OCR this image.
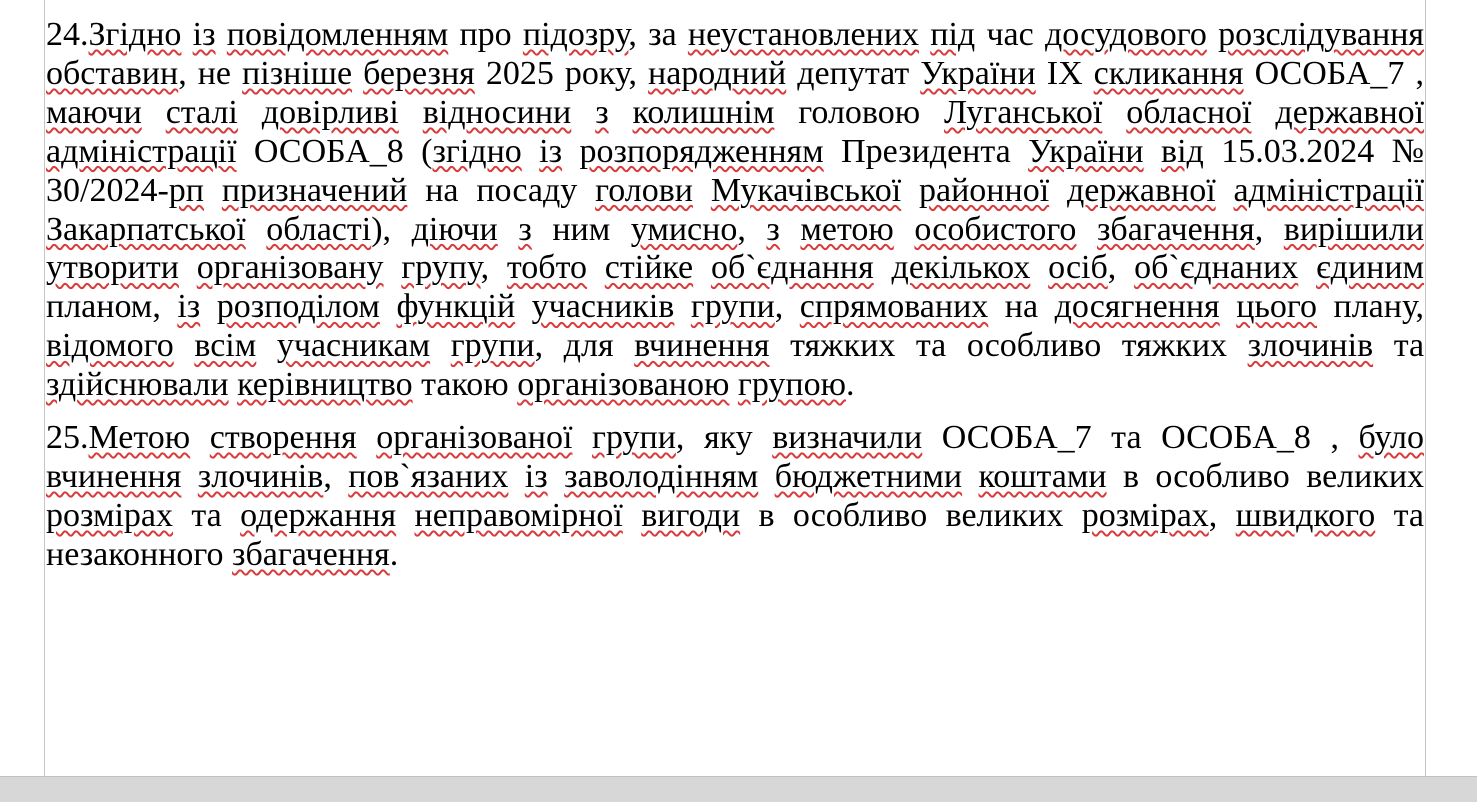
24.Згідно із повідомленням про підозру, за неустановлених під час досудового розслідування обставин, не пізніше березня 2025 року, народний депутат України ІХ скликання ОСОБА_7 , маючи сталі довірливі відносини з колишнім головою Луганської обласної державної адміністрації ОСОБА_8 (згідно із розпорядженням Президента України від 15.03.2024 № 30/2024-рп призначений на посаду голови Мукачівської районної державної адміністрації Закарпатської області), діючи з ним умисно, з метою особистого збагачення, вирішили утворити організовану групу, тобто стійке об`єднання декількох осіб, об`єднаних єдиним планом, із розподілом функцій учасників групи, спрямованих на досягнення цього плану, відомого всім учасникам групи, для вчинення тяжких та особливо тяжких злочинів та здійснювали керівництво такою організованою групою.

25.Метою створення організованої групи, яку визначили ОСОБА_7 та ОСОБА_8 , було вчинення злочинів, пов`язаних із заволодінням бюджетними коштами в особливо великих розмірах та одержання неправомірної вигоди в особливо великих розмірах, швидкого та незаконного збагачення.
